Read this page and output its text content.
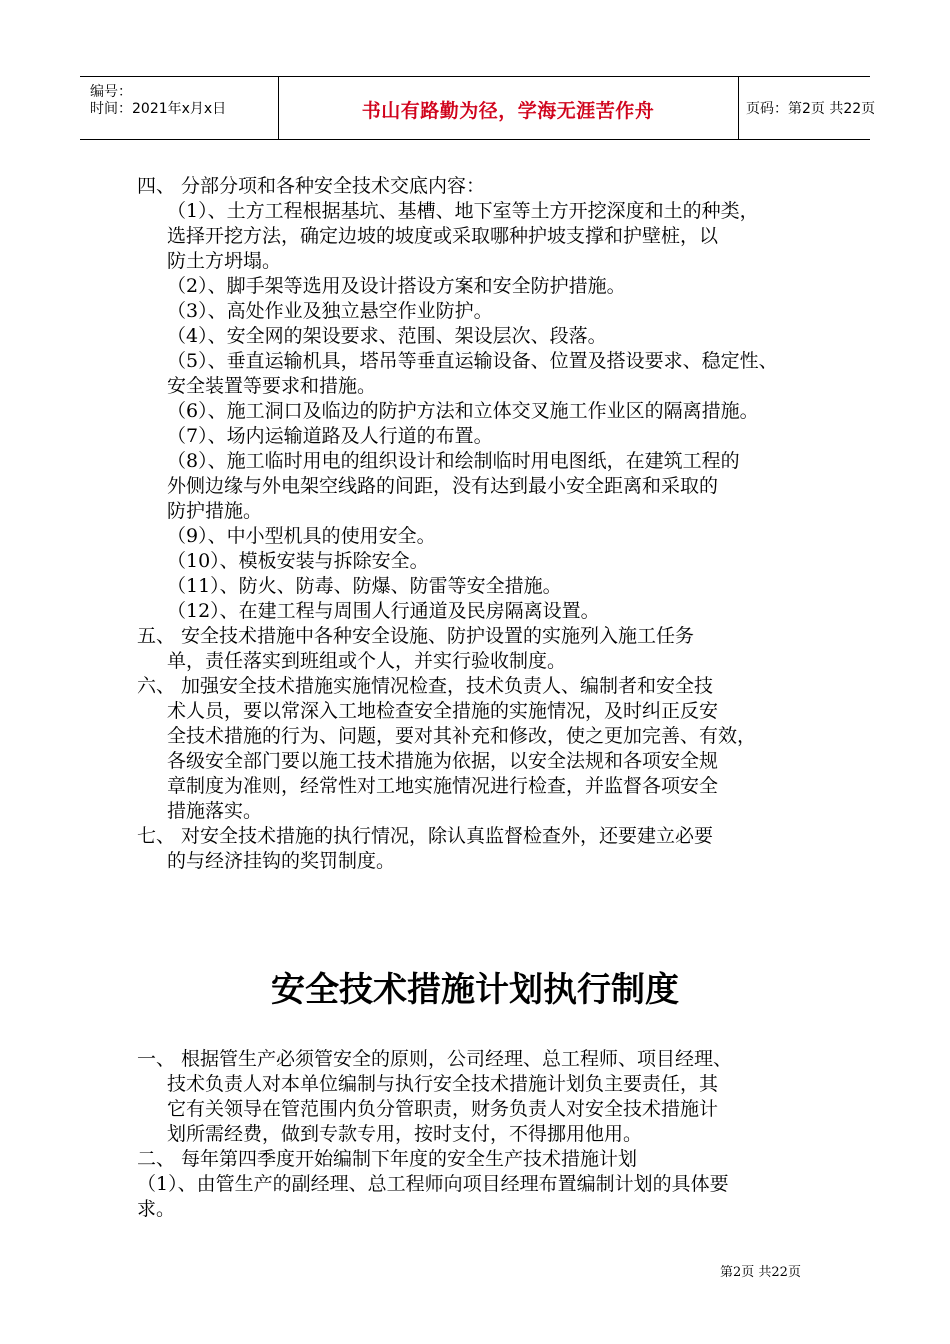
编号：
时间：2021年x月x日	书山有路勤为径，学海无涯苦作舟	页码：第2页 共22页
四、 分部分项和各种安全技术交底内容：
（1）、土方工程根据基坑、基槽、地下室等土方开挖深度和土的种类，
选择开挖方法，确定边坡的坡度或采取哪种护坡支撑和护壁桩，以
防土方坍塌。
（2）、脚手架等选用及设计搭设方案和安全防护措施。
（3）、高处作业及独立悬空作业防护。
（4）、安全网的架设要求、范围、架设层次、段落。
（5）、垂直运输机具，塔吊等垂直运输设备、位置及搭设要求、稳定性、
安全装置等要求和措施。
（6）、施工洞口及临边的防护方法和立体交叉施工作业区的隔离措施。
（7）、场内运输道路及人行道的布置。
（8）、施工临时用电的组织设计和绘制临时用电图纸，在建筑工程的
外侧边缘与外电架空线路的间距，没有达到最小安全距离和采取的
防护措施。
（9）、中小型机具的使用安全。
（10）、模板安装与拆除安全。
（11）、防火、防毒、防爆、防雷等安全措施。
（12）、在建工程与周围人行通道及民房隔离设置。
五、 安全技术措施中各种安全设施、防护设置的实施列入施工任务
单，责任落实到班组或个人，并实行验收制度。
六、 加强安全技术措施实施情况检查，技术负责人、编制者和安全技
术人员，要以常深入工地检查安全措施的实施情况，及时纠正反安
全技术措施的行为、问题，要对其补充和修改，使之更加完善、有效，
各级安全部门要以施工技术措施为依据，以安全法规和各项安全规
章制度为准则，经常性对工地实施情况进行检查，并监督各项安全
措施落实。
七、 对安全技术措施的执行情况，除认真监督检查外，还要建立必要
的与经济挂钩的奖罚制度。
安全技术措施计划执行制度
一、 根据管生产必须管安全的原则，公司经理、总工程师、项目经理、
技术负责人对本单位编制与执行安全技术措施计划负主要责任，其
它有关领导在管范围内负分管职责，财务负责人对安全技术措施计
划所需经费，做到专款专用，按时支付，不得挪用他用。
二、 每年第四季度开始编制下年度的安全生产技术措施计划
（1）、由管生产的副经理、总工程师向项目经理布置编制计划的具体要
求。
第2页 共22页
